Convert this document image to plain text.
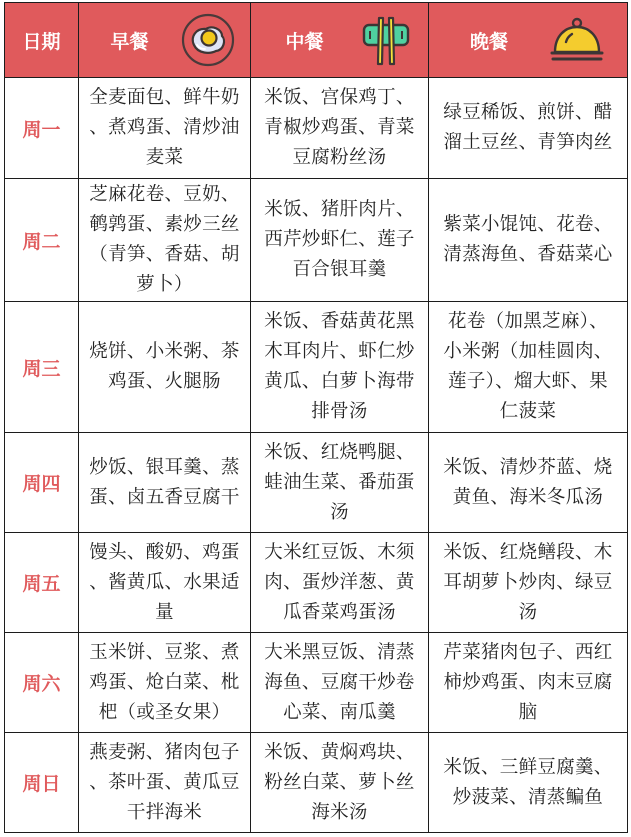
日期	早餐	中餐	晚餐

周一	全麦面包、鲜牛奶
、煮鸡蛋、清炒油
麦菜	米饭、宫保鸡丁、
青椒炒鸡蛋、青菜
豆腐粉丝汤	绿豆稀饭、煎饼、醋
溜土豆丝、青笋肉丝

周二	芝麻花卷、豆奶、
鹌鹑蛋、素炒三丝
（青笋、香菇、胡
萝卜）	米饭、猪肝肉片、
西芹炒虾仁、莲子
百合银耳羹	紫菜小馄饨、花卷、
清蒸海鱼、香菇菜心

周三	烧饼、小米粥、茶
鸡蛋、火腿肠	米饭、香菇黄花黑
木耳肉片、虾仁炒
黄瓜、白萝卜海带
排骨汤	花卷（加黑芝麻）、
小米粥（加桂圆肉、
莲子）、熘大虾、果
仁菠菜

周四	炒饭、银耳羹、蒸
蛋、卤五香豆腐干	米饭、红烧鸭腿、
蛙油生菜、番茄蛋
汤	米饭、清炒芥蓝、烧
黄鱼、海米冬瓜汤

周五	馒头、酸奶、鸡蛋
、酱黄瓜、水果适
量	大米红豆饭、木须
肉、蛋炒洋葱、黄
瓜香菜鸡蛋汤	米饭、红烧鳝段、木
耳胡萝卜炒肉、绿豆
汤

周六	玉米饼、豆浆、煮
鸡蛋、炝白菜、枇
杷（或圣女果）	大米黑豆饭、清蒸
海鱼、豆腐干炒卷
心菜、南瓜羹	芹菜猪肉包子、西红
柿炒鸡蛋、肉末豆腐
脑

周日	燕麦粥、猪肉包子
、茶叶蛋、黄瓜豆
干拌海米	米饭、黄焖鸡块、
粉丝白菜、萝卜丝
海米汤	米饭、三鲜豆腐羹、
炒菠菜、清蒸鳊鱼
